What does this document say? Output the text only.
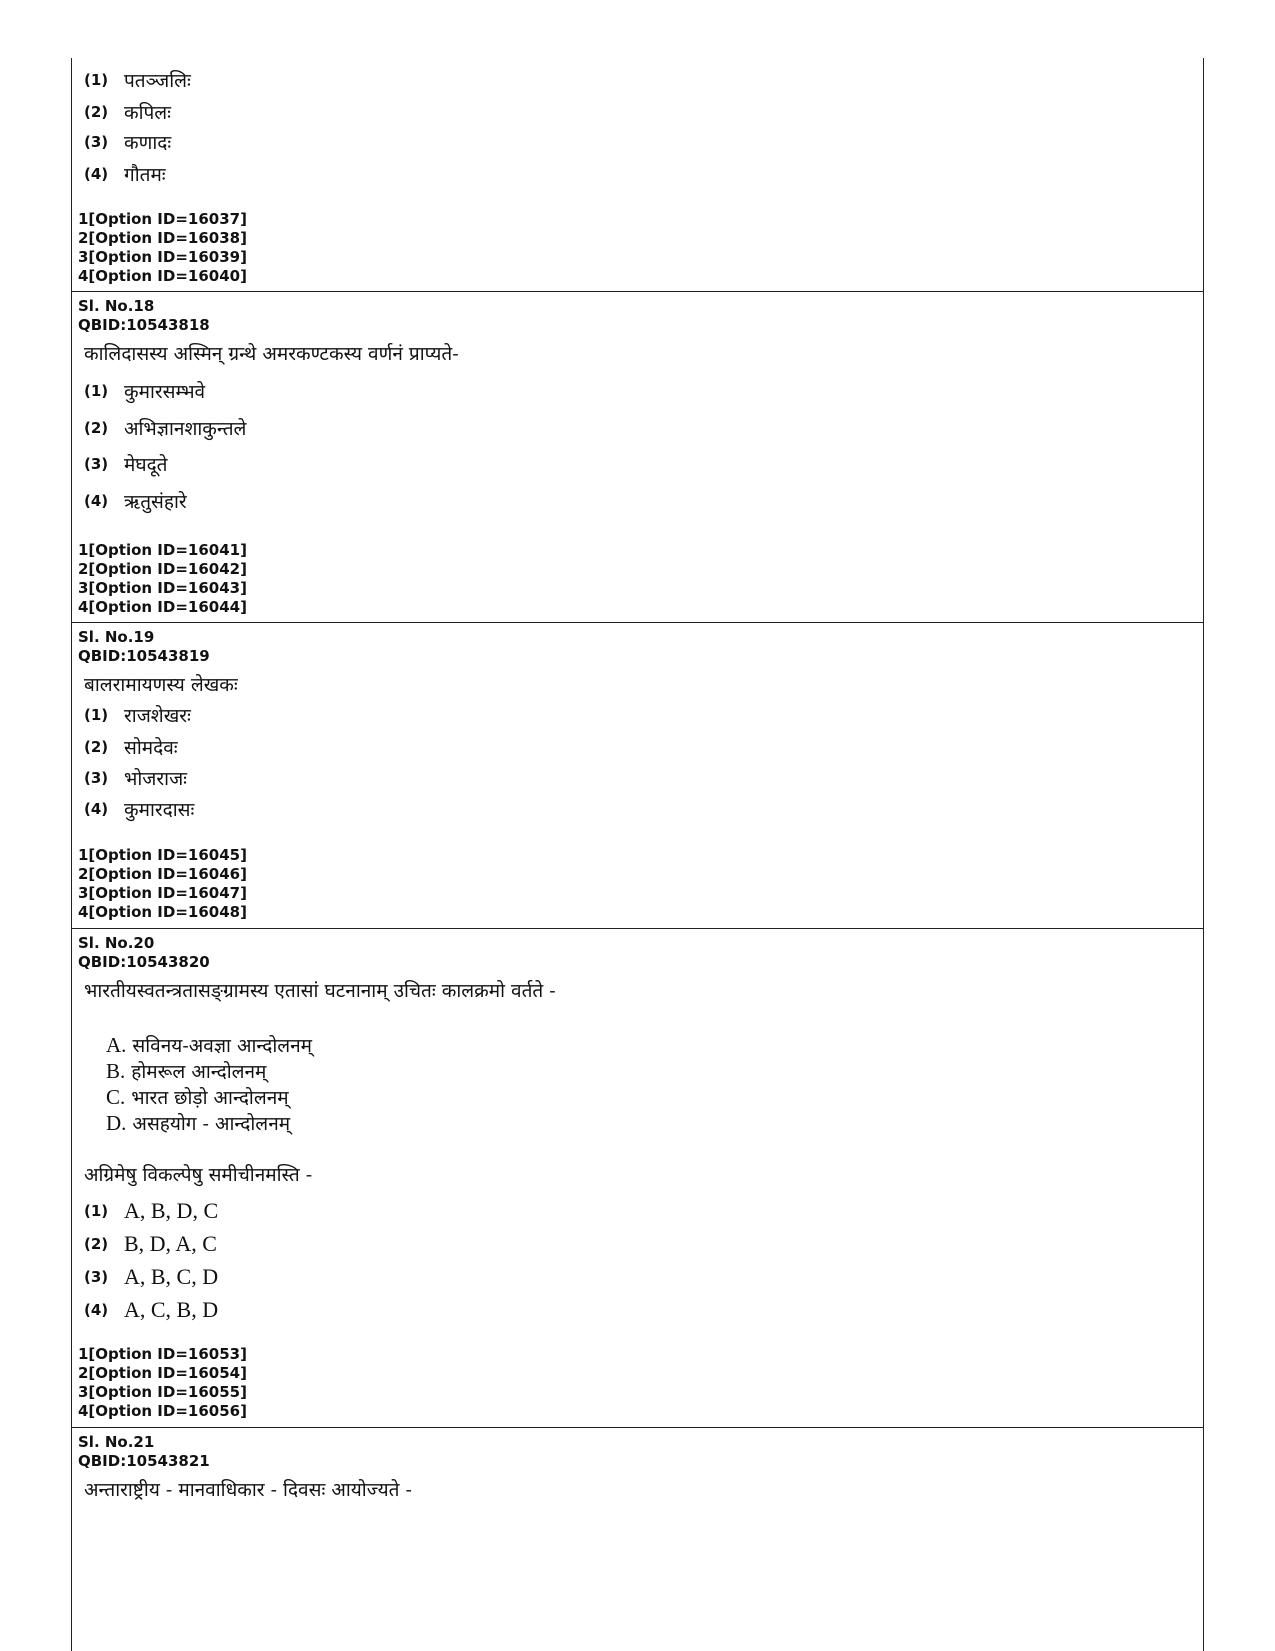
(1) पतञ्जलिः
(2) कपिलः
(3) कणादः
(4) गौतमः
1[Option ID=16037]
2[Option ID=16038]
3[Option ID=16039]
4[Option ID=16040]
Sl. No.18
QBID:10543818
कालिदासस्य अस्मिन् ग्रन्थे अमरकण्टकस्य वर्णनं प्राप्यते-
(1) कुमारसम्भवे
(2) अभिज्ञानशाकुन्तले
(3) मेघदूते
(4) ऋतुसंहारे
1[Option ID=16041]
2[Option ID=16042]
3[Option ID=16043]
4[Option ID=16044]
Sl. No.19
QBID:10543819
बालरामायणस्य लेखकः
(1) राजशेखरः
(2) सोमदेवः
(3) भोजराजः
(4) कुमारदासः
1[Option ID=16045]
2[Option ID=16046]
3[Option ID=16047]
4[Option ID=16048]
Sl. No.20
QBID:10543820
भारतीयस्वतन्त्रतासङ्ग्रामस्य एतासां घटनानाम् उचितः कालक्रमो वर्तते -
A. सविनय-अवज्ञा आन्दोलनम्
B. होमरूल आन्दोलनम्
C. भारत छोड़ो आन्दोलनम्
D. असहयोग - आन्दोलनम्
अग्रिमेषु विकल्पेषु समीचीनमस्ति -
(1) A, B, D, C
(2) B, D, A, C
(3) A, B, C, D
(4) A, C, B, D
1[Option ID=16053]
2[Option ID=16054]
3[Option ID=16055]
4[Option ID=16056]
Sl. No.21
QBID:10543821
अन्ताराष्ट्रीय - मानवाधिकार - दिवसः आयोज्यते -
